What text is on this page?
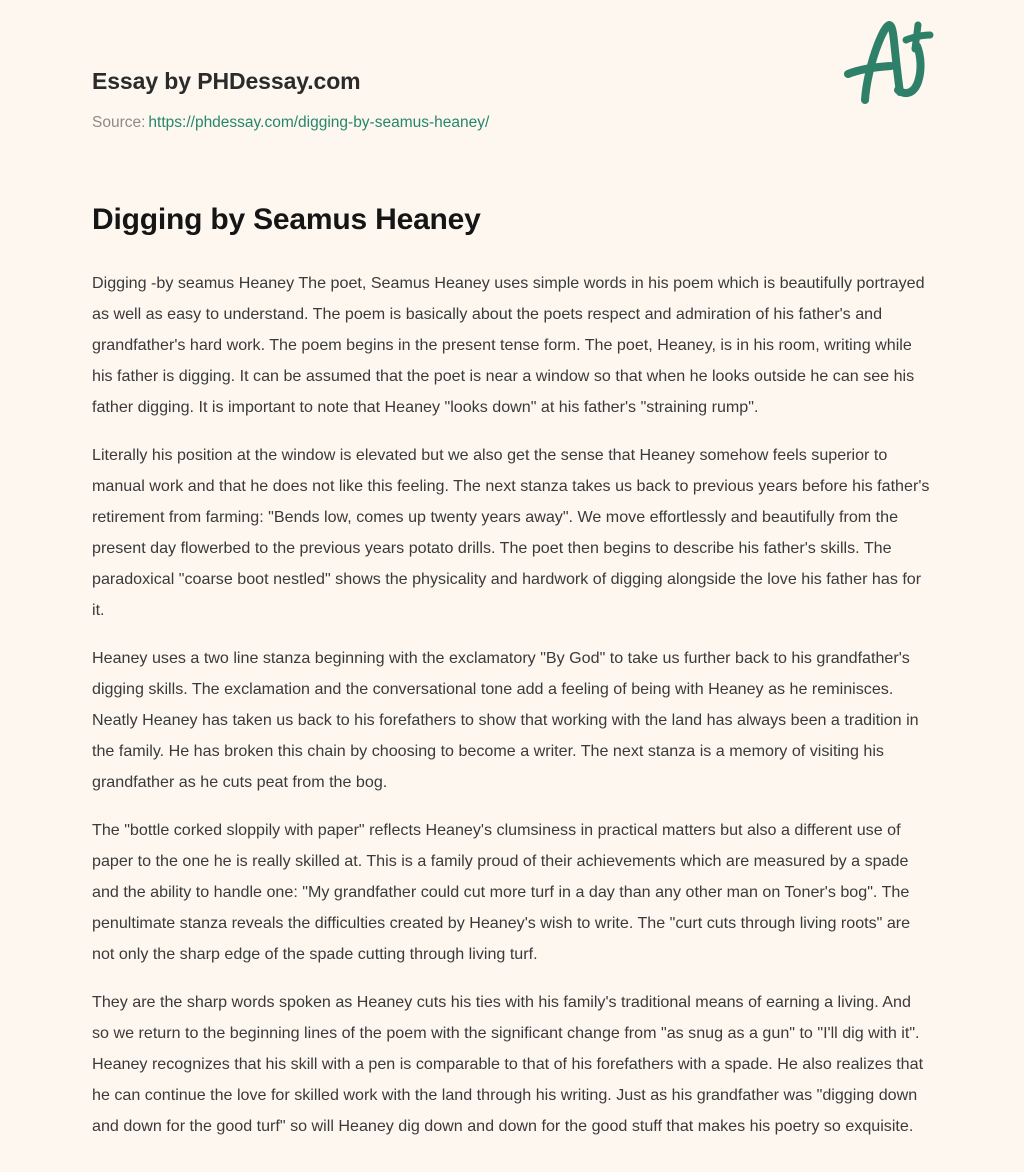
Essay by PHDessay.com
Source: https://phdessay.com/digging-by-seamus-heaney/
Digging by Seamus Heaney

Digging -by seamus Heaney The poet, Seamus Heaney uses simple words in his poem which is beautifully portrayed as well as easy to understand. The poem is basically about the poets respect and admiration of his father's and grandfather's hard work. The poem begins in the present tense form. The poet, Heaney, is in his room, writing while his father is digging. It can be assumed that the poet is near a window so that when he looks outside he can see his father digging. It is important to note that Heaney "looks down" at his father's "straining rump".

Literally his position at the window is elevated but we also get the sense that Heaney somehow feels superior to manual work and that he does not like this feeling. The next stanza takes us back to previous years before his father's retirement from farming: "Bends low, comes up twenty years away". We move effortlessly and beautifully from the present day flowerbed to the previous years potato drills. The poet then begins to describe his father's skills. The paradoxical "coarse boot nestled" shows the physicality and hardwork of digging alongside the love his father has for it.

Heaney uses a two line stanza beginning with the exclamatory "By God" to take us further back to his grandfather's digging skills. The exclamation and the conversational tone add a feeling of being with Heaney as he reminisces. Neatly Heaney has taken us back to his forefathers to show that working with the land has always been a tradition in the family. He has broken this chain by choosing to become a writer. The next stanza is a memory of visiting his grandfather as he cuts peat from the bog.

The "bottle corked sloppily with paper" reflects Heaney's clumsiness in practical matters but also a different use of paper to the one he is really skilled at. This is a family proud of their achievements which are measured by a spade and the ability to handle one: "My grandfather could cut more turf in a day than any other man on Toner's bog". The penultimate stanza reveals the difficulties created by Heaney's wish to write. The "curt cuts through living roots" are not only the sharp edge of the spade cutting through living turf.

They are the sharp words spoken as Heaney cuts his ties with his family's traditional means of earning a living. And so we return to the beginning lines of the poem with the significant change from "as snug as a gun" to "I'll dig with it". Heaney recognizes that his skill with a pen is comparable to that of his forefathers with a spade. He also realizes that he can continue the love for skilled work with the land through his writing. Just as his grandfather was "digging down and down for the good turf" so will Heaney dig down and down for the good stuff that makes his poetry so exquisite.
